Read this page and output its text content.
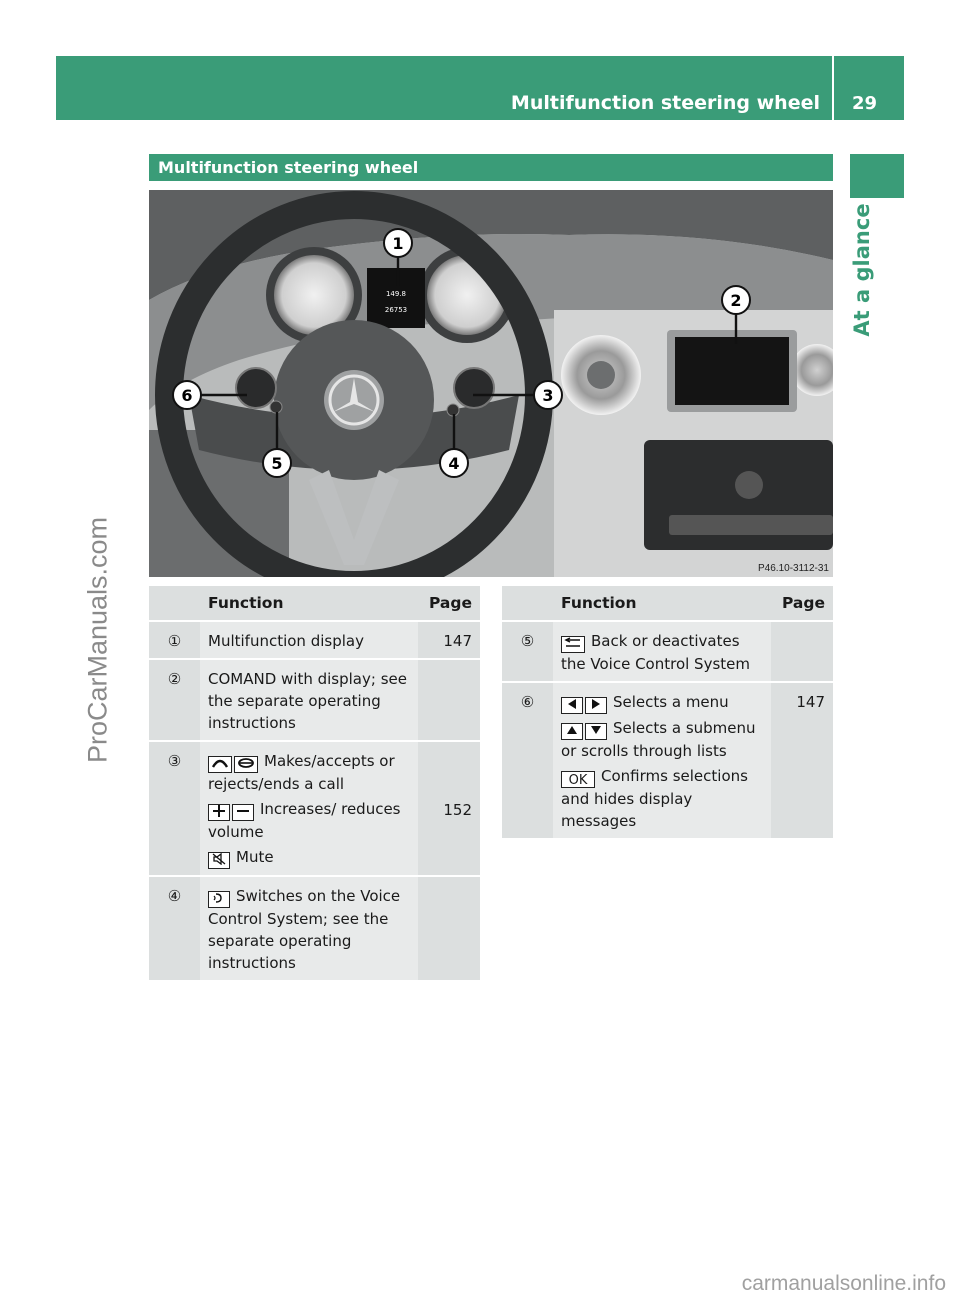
Multifunction steering wheel 29
At a glance
ProCarManuals.com
carmanualsonline.info
Multifunction steering wheel
149.8
26753
1
2
3
4
5
6
P46.10-3112-31
	Function	Page
①	Multifunction display	147
②	COMAND with display; see the separate operating instructions	

③	Makes/accepts or rejects/ends a call
Increases/ reduces volume
Mute	152
④	Switches on the Voice Control System; see the separate operating instructions	

	Function	Page
⑤	Back or deactivates the Voice Control System	

⑥	Selects a menu
Selects a submenu or scrolls through lists
OK Confirms selections and hides display messages	147
